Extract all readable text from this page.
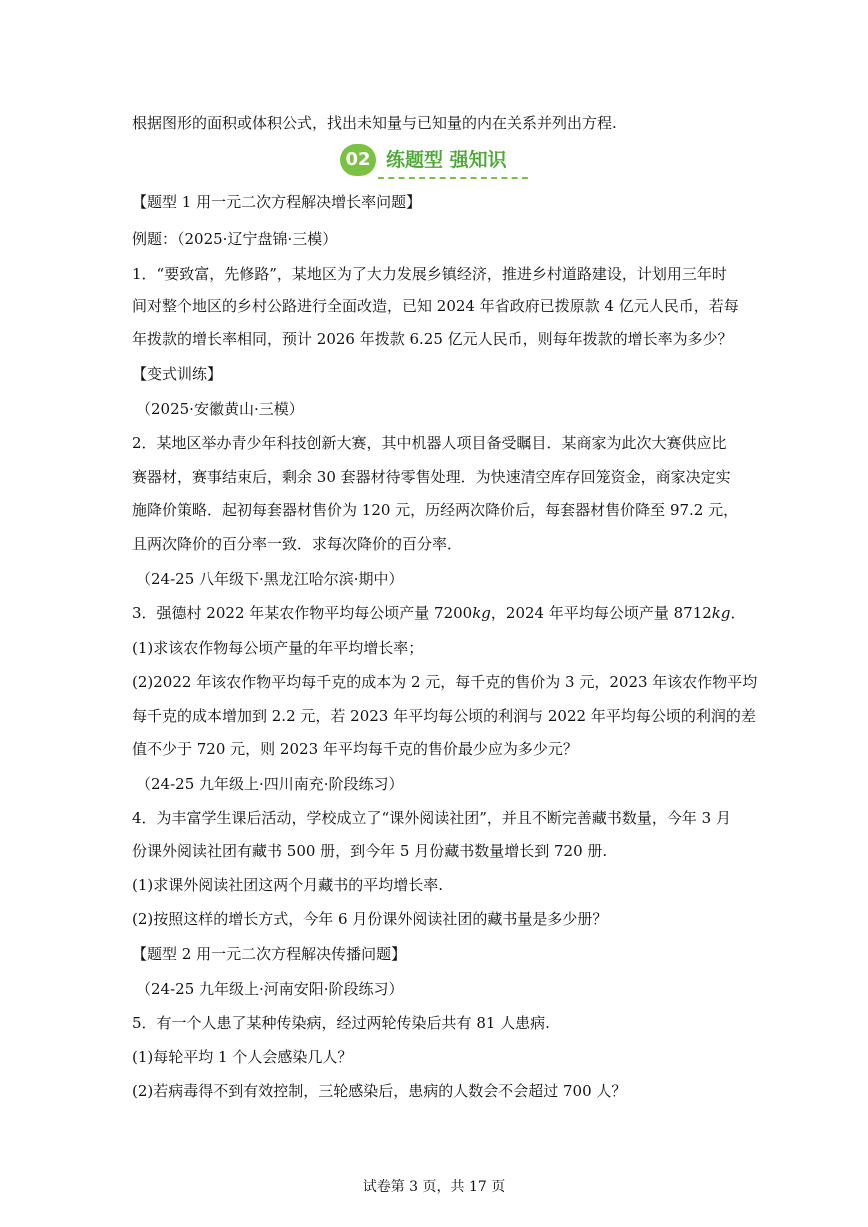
根据图形的面积或体积公式，找出未知量与已知量的内在关系并列出方程.
02 练题型 强知识
【题型 1 用一元二次方程解决增长率问题】
例题：（2025·辽宁盘锦·三模）
1．“要致富，先修路”，某地区为了大力发展乡镇经济，推进乡村道路建设，计划用三年时
间对整个地区的乡村公路进行全面改造，已知 2024 年省政府已拨原款 4 亿元人民币，若每
年拨款的增长率相同，预计 2026 年拨款 6.25 亿元人民币，则每年拨款的增长率为多少？
【变式训练】
（2025·安徽黄山·三模）
2．某地区举办青少年科技创新大赛，其中机器人项目备受瞩目．某商家为此次大赛供应比
赛器材，赛事结束后，剩余 30 套器材待零售处理．为快速清空库存回笼资金，商家决定实
施降价策略．起初每套器材售价为 120 元，历经两次降价后，每套器材售价降至 97.2 元，
且两次降价的百分率一致．求每次降价的百分率．
（24-25 八年级下·黑龙江哈尔滨·期中）
3．强德村 2022 年某农作物平均每公顷产量 7200kg，2024 年平均每公顷产量 8712kg．
(1)求该农作物每公顷产量的年平均增长率；
(2)2022 年该农作物平均每千克的成本为 2 元，每千克的售价为 3 元，2023 年该农作物平均
每千克的成本增加到 2.2 元，若 2023 年平均每公顷的利润与 2022 年平均每公顷的利润的差
值不少于 720 元，则 2023 年平均每千克的售价最少应为多少元？
（24-25 九年级上·四川南充·阶段练习）
4．为丰富学生课后活动，学校成立了“课外阅读社团”，并且不断完善藏书数量，今年 3 月
份课外阅读社团有藏书 500 册，到今年 5 月份藏书数量增长到 720 册.
(1)求课外阅读社团这两个月藏书的平均增长率.
(2)按照这样的增长方式，今年 6 月份课外阅读社团的藏书量是多少册？
【题型 2 用一元二次方程解决传播问题】
（24-25 九年级上·河南安阳·阶段练习）
5．有一个人患了某种传染病，经过两轮传染后共有 81 人患病.
(1)每轮平均 1 个人会感染几人？
(2)若病毒得不到有效控制，三轮感染后，患病的人数会不会超过 700 人？
试卷第 3 页，共 17 页
